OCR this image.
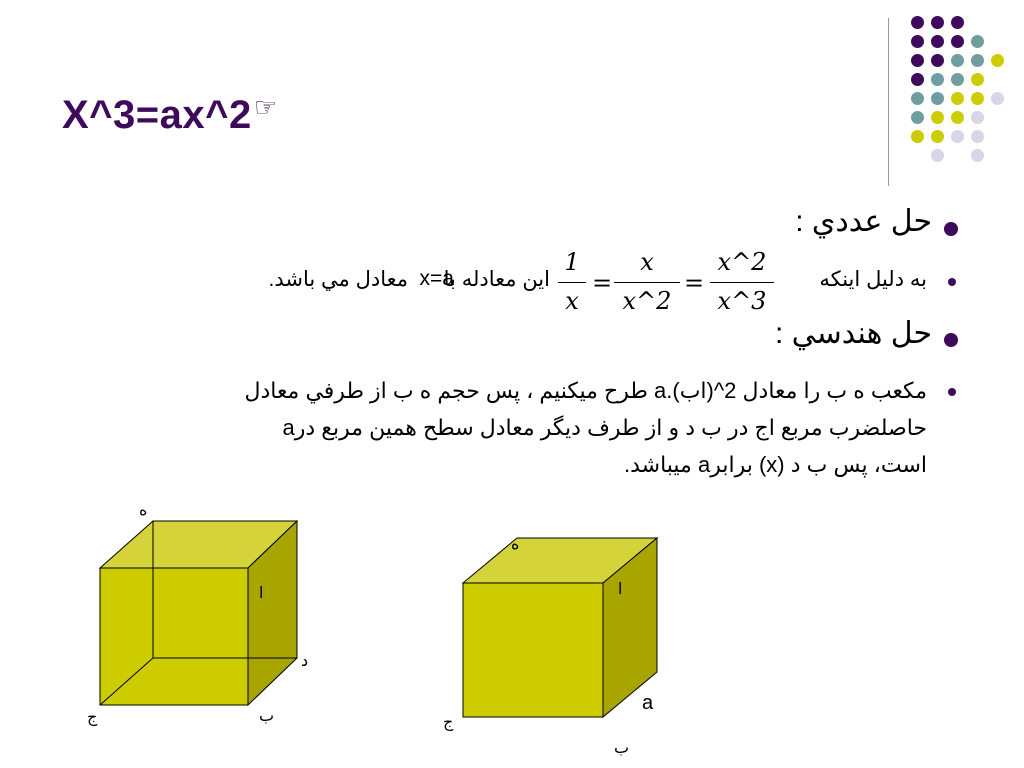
X^3=ax^2☞
حل عددي :
به دليل اينكه
x^2
x^3
=
x
x^2
=
1
x
اين معادله با
x=a
معادل مي باشد.
حل هندسي :
مكعب ه ب را معادل 2^(اب).a طرح ميكنيم ، پس حجم ه ب از طرفي معادل
حاصلضرب مربع اج در ب د و از طرف ديگر معادل سطح همين مربع درa
است، پس ب د (x) برابرa ميباشد.
ه
ا
د
ب
ج
ه
ا
a
ب
ج
